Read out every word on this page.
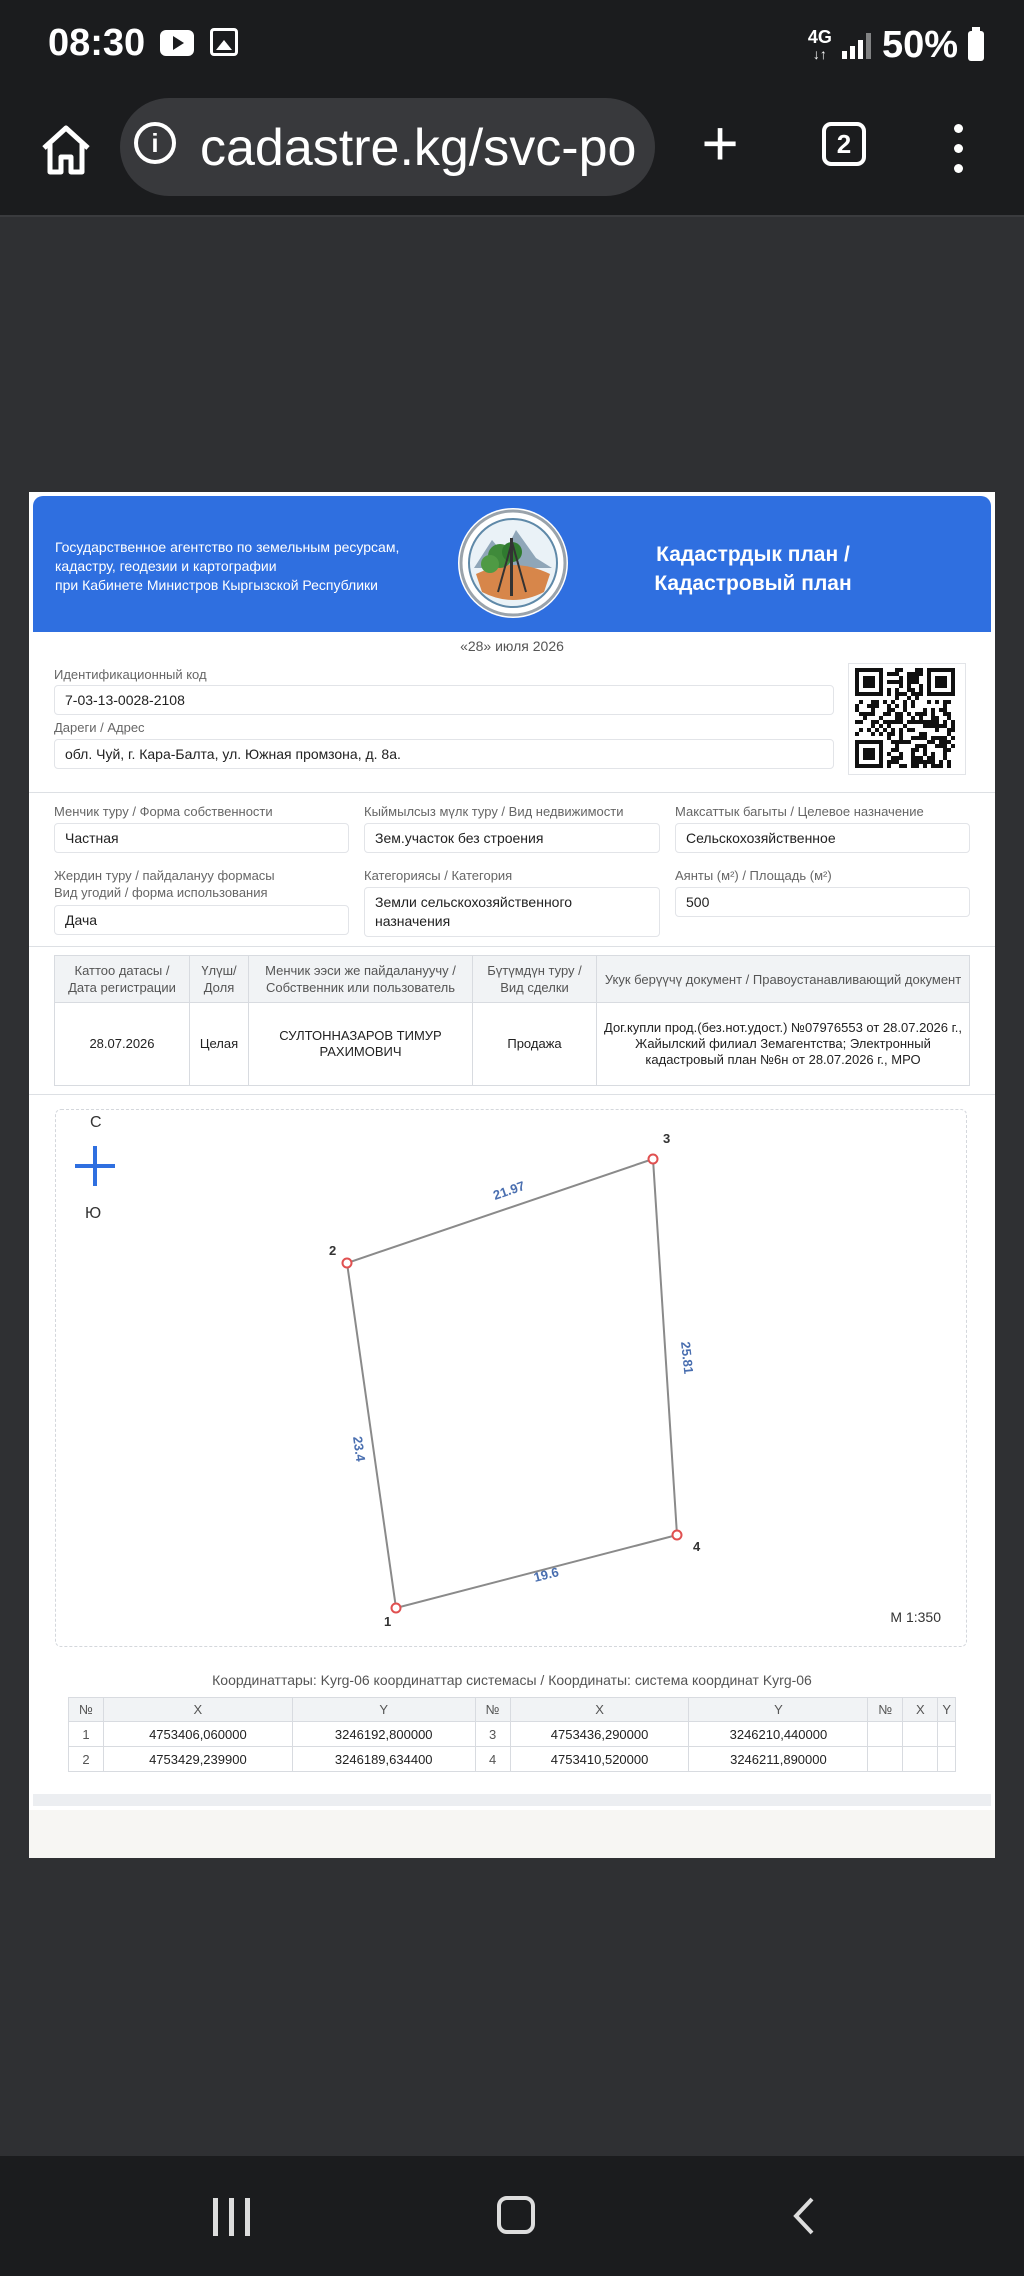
08:30	4G
↓↑ 50%
i cadastre.kg/svc-po +	2
Государственное агентство по земельным ресурсам,
кадастру, геодезии и картографии
при Кабинете Министров Кыргызской Республики
Кадастрдык план / Кадастровый план
«28» июля 2026
Идентификационный код
7-03-13-0028-2108
Дареги / Адрес
обл. Чуй, г. Кара-Балта, ул. Южная промзона, д. 8а.
Менчик туру / Форма собственности
Частная
Кыймылсыз мүлк туру / Вид недвижимости
Зем.участок без строения
Максаттык багыты / Целевое назначение
Сельскохозяйственное
Жердин туру / пайдалануу формасы
Вид угодий / форма использования
Дача
Категориясы / Категория
Земли сельскохозяйственного назначения
Аянты (м²) / Площадь (м²)
500
Каттоо датасы / Дата регистрации	Үлүш/ Доля	Менчик ээси же пайдалануучу / Собственник или пользователь	Бүтүмдүн туру / Вид сделки	Укук берүүчү документ / Правоустанавливающий документ
28.07.2026	Целая	СУЛТОННАЗАРОВ ТИМУР РАХИМОВИЧ	Продажа	Дог.купли прод.(без.нот.удост.) №07976553 от 28.07.2026 г., Жайылский филиал Земагентства; Электронный кадастровый план №6н от 28.07.2026 г., МРО
С
Ю
23.4
21.97
25.81
19.6
1
2
3
4
М 1:350
Координаттары: Kyrg-06 координаттар системасы / Координаты: система координат Kyrg-06
№	X	Y	№	X	Y	№	X	Y
1	4753406,060000	3246192,800000	3	4753436,290000	3246210,440000			
2	4753429,239900	3246189,634400	4	4753410,520000	3246211,890000			
